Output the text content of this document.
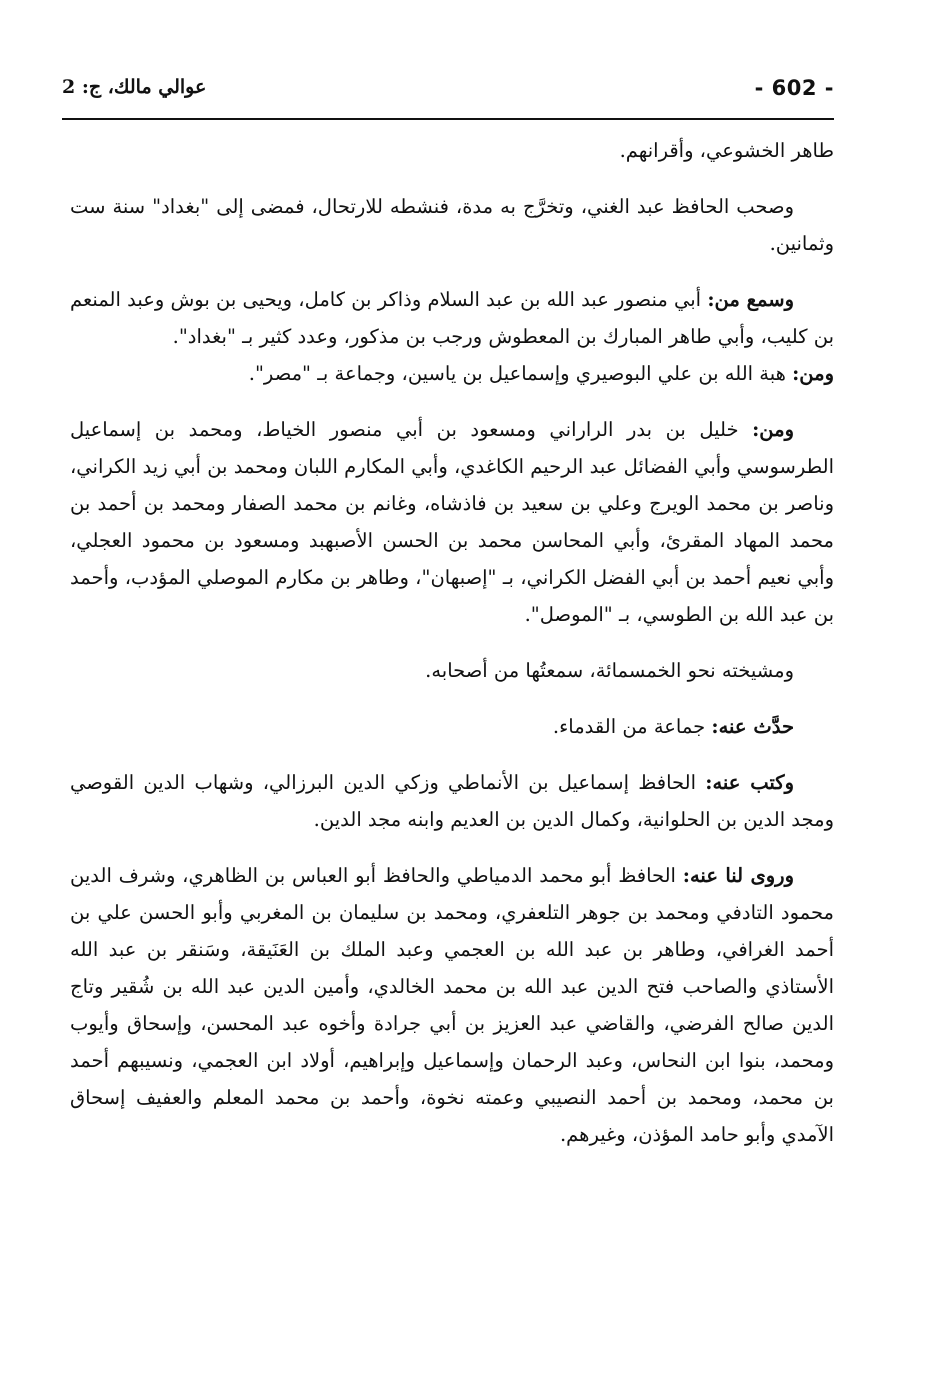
- 602 -
عوالي مالك، ج: 2

طاهر الخشوعي، وأقرانهم.

وصحب الحافظ عبد الغني، وتخرَّج به مدة، فنشطه للارتحال، فمضى إلى "بغداد" سنة ست وثمانين.

وسمع من: أبي منصور عبد الله بن عبد السلام وذاكر بن كامل، ويحيى بن بوش وعبد المنعم بن كليب، وأبي طاهر المبارك بن المعطوش ورجب بن مذكور، وعدد كثير بـ "بغداد".

ومن: هبة الله بن علي البوصيري وإسماعيل بن ياسين، وجماعة بـ "مصر".

ومن: خليل بن بدر الراراني ومسعود بن أبي منصور الخياط، ومحمد بن إسماعيل الطرسوسي وأبي الفضائل عبد الرحيم الكاغدي، وأبي المكارم اللبان ومحمد بن أبي زيد الكراني، وناصر بن محمد الويرج وعلي بن سعيد بن فاذشاه، وغانم بن محمد الصفار ومحمد بن أحمد بن محمد المهاد المقرئ، وأبي المحاسن محمد بن الحسن الأصبهبد ومسعود بن محمود العجلي، وأبي نعيم أحمد بن أبي الفضل الكراني، بـ "إصبهان"، وطاهر بن مكارم الموصلي المؤدب، وأحمد بن عبد الله بن الطوسي، بـ "الموصل".

ومشيخته نحو الخمسمائة، سمعتُها من أصحابه.

حدَّث عنه: جماعة من القدماء.

وكتب عنه: الحافظ إسماعيل بن الأنماطي وزكي الدين البرزالي، وشهاب الدين القوصي ومجد الدين بن الحلوانية، وكمال الدين بن العديم وابنه مجد الدين.

وروى لنا عنه: الحافظ أبو محمد الدمياطي والحافظ أبو العباس بن الظاهري، وشرف الدين محمود التادفي ومحمد بن جوهر التلعفري، ومحمد بن سليمان بن المغربي وأبو الحسن علي بن أحمد الغرافي، وطاهر بن عبد الله بن العجمي وعبد الملك بن العَنَيقة، وسَنقر بن عبد الله الأستاذي والصاحب فتح الدين عبد الله بن محمد الخالدي، وأمين الدين عبد الله بن شُقير وتاج الدين صالح الفرضي، والقاضي عبد العزيز بن أبي جرادة وأخوه عبد المحسن، وإسحاق وأيوب ومحمد، بنوا ابن النحاس، وعبد الرحمان وإسماعيل وإبراهيم، أولاد ابن العجمي، ونسيبهم أحمد بن محمد، ومحمد بن أحمد النصيبي وعمته نخوة، وأحمد بن محمد المعلم والعفيف إسحاق الآمدي وأبو حامد المؤذن، وغيرهم.
